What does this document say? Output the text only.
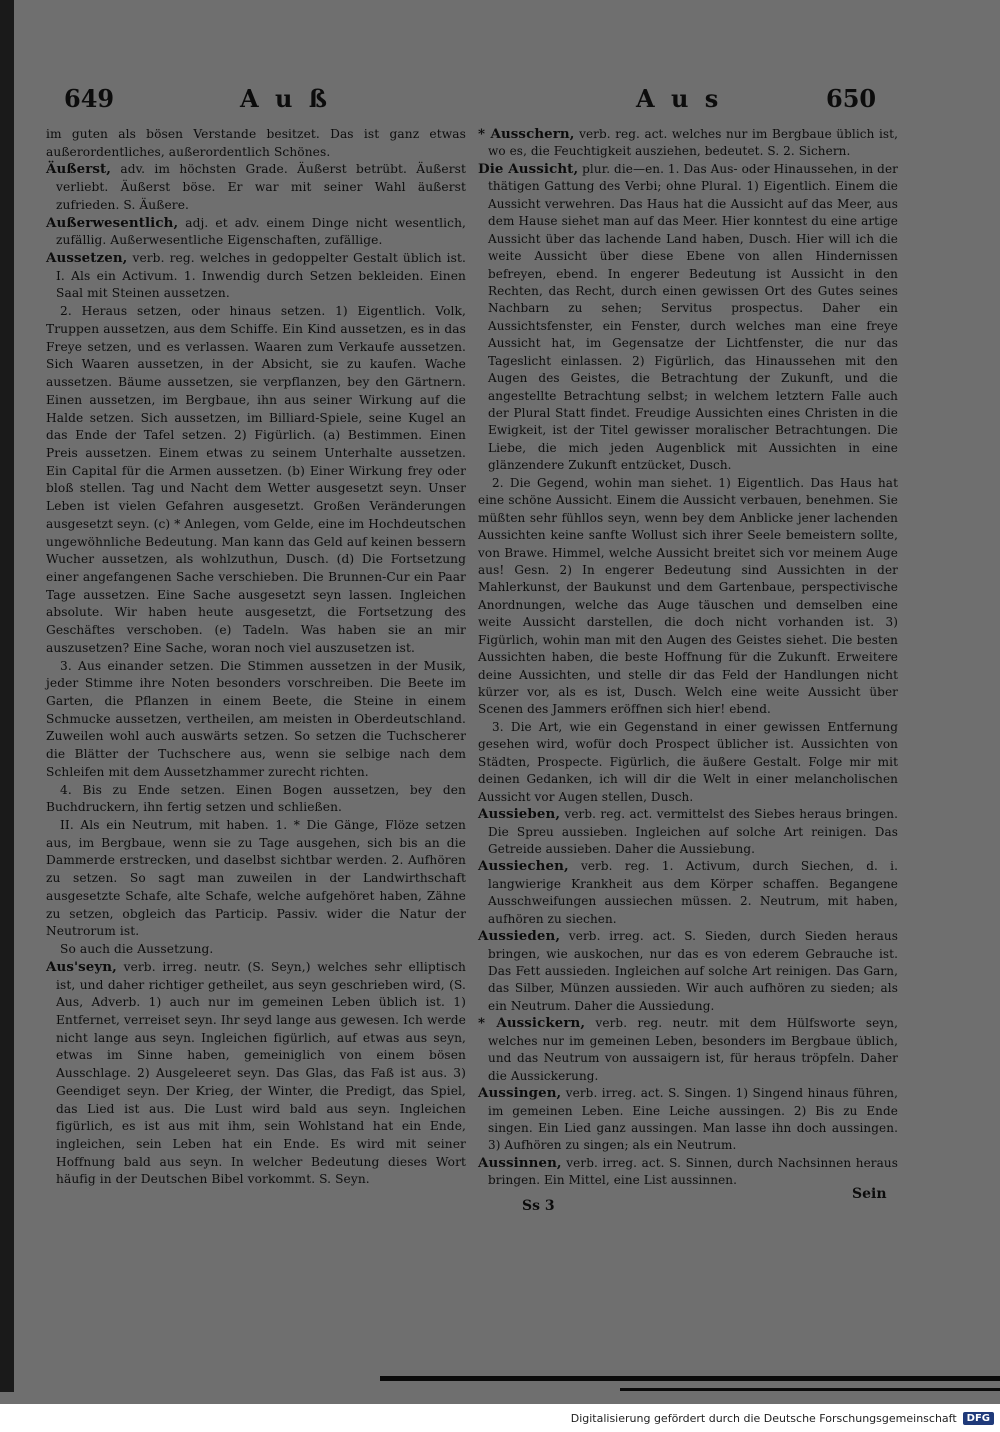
649	A u ß	A u s	650

im guten als bösen Verstande besitzet. Das ist ganz etwas außerordentliches, außerordentlich Schönes.

Äußerst, adv. im höchsten Grade. Äußerst betrübt. Äußerst verliebt. Äußerst böse. Er war mit seiner Wahl äußerst zufrieden. S. Äußere.

Außerwesentlich, adj. et adv. einem Dinge nicht wesentlich, zufällig. Außerwesentliche Eigenschaften, zufällige.

Aussetzen, verb. reg. welches in gedoppelter Gestalt üblich ist. I. Als ein Activum. 1. Inwendig durch Setzen bekleiden. Einen Saal mit Steinen aussetzen.

2. Heraus setzen, oder hinaus setzen. 1) Eigentlich. Volk, Truppen aussetzen, aus dem Schiffe. Ein Kind aussetzen, es in das Freye setzen, und es verlassen. Waaren zum Verkaufe aussetzen. Sich Waaren aussetzen, in der Absicht, sie zu kaufen. Wache aussetzen. Bäume aussetzen, sie verpflanzen, bey den Gärtnern. Einen aussetzen, im Bergbaue, ihn aus seiner Wirkung auf die Halde setzen. Sich aussetzen, im Billiard-Spiele, seine Kugel an das Ende der Tafel setzen. 2) Figürlich. (a) Bestimmen. Einen Preis aussetzen. Einem etwas zu seinem Unterhalte aussetzen. Ein Capital für die Armen aussetzen. (b) Einer Wirkung frey oder bloß stellen. Tag und Nacht dem Wetter ausgesetzt seyn. Unser Leben ist vielen Gefahren ausgesetzt. Großen Veränderungen ausgesetzt seyn. (c) * Anlegen, vom Gelde, eine im Hochdeutschen ungewöhnliche Bedeutung. Man kann das Geld auf keinen bessern Wucher aussetzen, als wohlzuthun, Dusch. (d) Die Fortsetzung einer angefangenen Sache verschieben. Die Brunnen-Cur ein Paar Tage aussetzen. Eine Sache ausgesetzt seyn lassen. Ingleichen absolute. Wir haben heute ausgesetzt, die Fortsetzung des Geschäftes verschoben. (e) Tadeln. Was haben sie an mir auszusetzen? Eine Sache, woran noch viel auszusetzen ist.

3. Aus einander setzen. Die Stimmen aussetzen in der Musik, jeder Stimme ihre Noten besonders vorschreiben. Die Beete im Garten, die Pflanzen in einem Beete, die Steine in einem Schmucke aussetzen, vertheilen, am meisten in Oberdeutschland. Zuweilen wohl auch auswärts setzen. So setzen die Tuchscherer die Blätter der Tuchschere aus, wenn sie selbige nach dem Schleifen mit dem Aussetzhammer zurecht richten.

4. Bis zu Ende setzen. Einen Bogen aussetzen, bey den Buchdruckern, ihn fertig setzen und schließen.

II. Als ein Neutrum, mit haben. 1. * Die Gänge, Flöze setzen aus, im Bergbaue, wenn sie zu Tage ausgehen, sich bis an die Dammerde erstrecken, und daselbst sichtbar werden. 2. Aufhören zu setzen. So sagt man zuweilen in der Landwirthschaft ausgesetzte Schafe, alte Schafe, welche aufgehöret haben, Zähne zu setzen, obgleich das Particip. Passiv. wider die Natur der Neutrorum ist.

So auch die Aussetzung.

Aus'seyn, verb. irreg. neutr. (S. Seyn,) welches sehr elliptisch ist, und daher richtiger getheilet, aus seyn geschrieben wird, (S. Aus, Adverb. 1) auch nur im gemeinen Leben üblich ist. 1) Entfernet, verreiset seyn. Ihr seyd lange aus gewesen. Ich werde nicht lange aus seyn. Ingleichen figürlich, auf etwas aus seyn, etwas im Sinne haben, gemeiniglich von einem bösen Ausschlage. 2) Ausgeleeret seyn. Das Glas, das Faß ist aus. 3) Geendiget seyn. Der Krieg, der Winter, die Predigt, das Spiel, das Lied ist aus. Die Lust wird bald aus seyn. Ingleichen figürlich, es ist aus mit ihm, sein Wohlstand hat ein Ende, ingleichen, sein Leben hat ein Ende. Es wird mit seiner Hoffnung bald aus seyn. In welcher Bedeutung dieses Wort häufig in der Deutschen Bibel vorkommt. S. Seyn.

* Ausschern, verb. reg. act. welches nur im Bergbaue üblich ist, wo es, die Feuchtigkeit ausziehen, bedeutet. S. 2. Sichern.

Die Aussicht, plur. die—en. 1. Das Aus- oder Hinaussehen, in der thätigen Gattung des Verbi; ohne Plural. 1) Eigentlich. Einem die Aussicht verwehren. Das Haus hat die Aussicht auf das Meer, aus dem Hause siehet man auf das Meer. Hier konntest du eine artige Aussicht über das lachende Land haben, Dusch. Hier will ich die weite Aussicht über diese Ebene von allen Hindernissen befreyen, ebend. In engerer Bedeutung ist Aussicht in den Rechten, das Recht, durch einen gewissen Ort des Gutes seines Nachbarn zu sehen; Servitus prospectus. Daher ein Aussichtsfenster, ein Fenster, durch welches man eine freye Aussicht hat, im Gegensatze der Lichtfenster, die nur das Tageslicht einlassen. 2) Figürlich, das Hinaussehen mit den Augen des Geistes, die Betrachtung der Zukunft, und die angestellte Betrachtung selbst; in welchem letztern Falle auch der Plural Statt findet. Freudige Aussichten eines Christen in die Ewigkeit, ist der Titel gewisser moralischer Betrachtungen. Die Liebe, die mich jeden Augenblick mit Aussichten in eine glänzendere Zukunft entzücket, Dusch.

2. Die Gegend, wohin man siehet. 1) Eigentlich. Das Haus hat eine schöne Aussicht. Einem die Aussicht verbauen, benehmen. Sie müßten sehr fühllos seyn, wenn bey dem Anblicke jener lachenden Aussichten keine sanfte Wollust sich ihrer Seele bemeistern sollte, von Brawe. Himmel, welche Aussicht breitet sich vor meinem Auge aus! Gesn. 2) In engerer Bedeutung sind Aussichten in der Mahlerkunst, der Baukunst und dem Gartenbaue, perspectivische Anordnungen, welche das Auge täuschen und demselben eine weite Aussicht darstellen, die doch nicht vorhanden ist. 3) Figürlich, wohin man mit den Augen des Geistes siehet. Die besten Aussichten haben, die beste Hoffnung für die Zukunft. Erweitere deine Aussichten, und stelle dir das Feld der Handlungen nicht kürzer vor, als es ist, Dusch. Welch eine weite Aussicht über Scenen des Jammers eröffnen sich hier! ebend.

3. Die Art, wie ein Gegenstand in einer gewissen Entfernung gesehen wird, wofür doch Prospect üblicher ist. Aussichten von Städten, Prospecte. Figürlich, die äußere Gestalt. Folge mir mit deinen Gedanken, ich will dir die Welt in einer melancholischen Aussicht vor Augen stellen, Dusch.

Aussieben, verb. reg. act. vermittelst des Siebes heraus bringen. Die Spreu aussieben. Ingleichen auf solche Art reinigen. Das Getreide aussieben. Daher die Aussiebung.

Aussiechen, verb. reg. 1. Activum, durch Siechen, d. i. langwierige Krankheit aus dem Körper schaffen. Begangene Ausschweifungen aussiechen müssen. 2. Neutrum, mit haben, aufhören zu siechen.

Aussieden, verb. irreg. act. S. Sieden, durch Sieden heraus bringen, wie auskochen, nur das es von ederem Gebrauche ist. Das Fett aussieden. Ingleichen auf solche Art reinigen. Das Garn, das Silber, Münzen aussieden. Wir auch aufhören zu sieden; als ein Neutrum. Daher die Aussiedung.

* Aussickern, verb. reg. neutr. mit dem Hülfsworte seyn, welches nur im gemeinen Leben, besonders im Bergbaue üblich, und das Neutrum von aussaigern ist, für heraus tröpfeln. Daher die Aussickerung.

Aussingen, verb. irreg. act. S. Singen. 1) Singend hinaus führen, im gemeinen Leben. Eine Leiche aussingen. 2) Bis zu Ende singen. Ein Lied ganz aussingen. Man lasse ihn doch aussingen. 3) Aufhören zu singen; als ein Neutrum.

Aussinnen, verb. irreg. act. S. Sinnen, durch Nachsinnen heraus bringen. Ein Mittel, eine List aussinnen.

Ss 3
Sein
Digitalisierung gefördert durch die Deutsche Forschungsgemeinschaft	DFG
